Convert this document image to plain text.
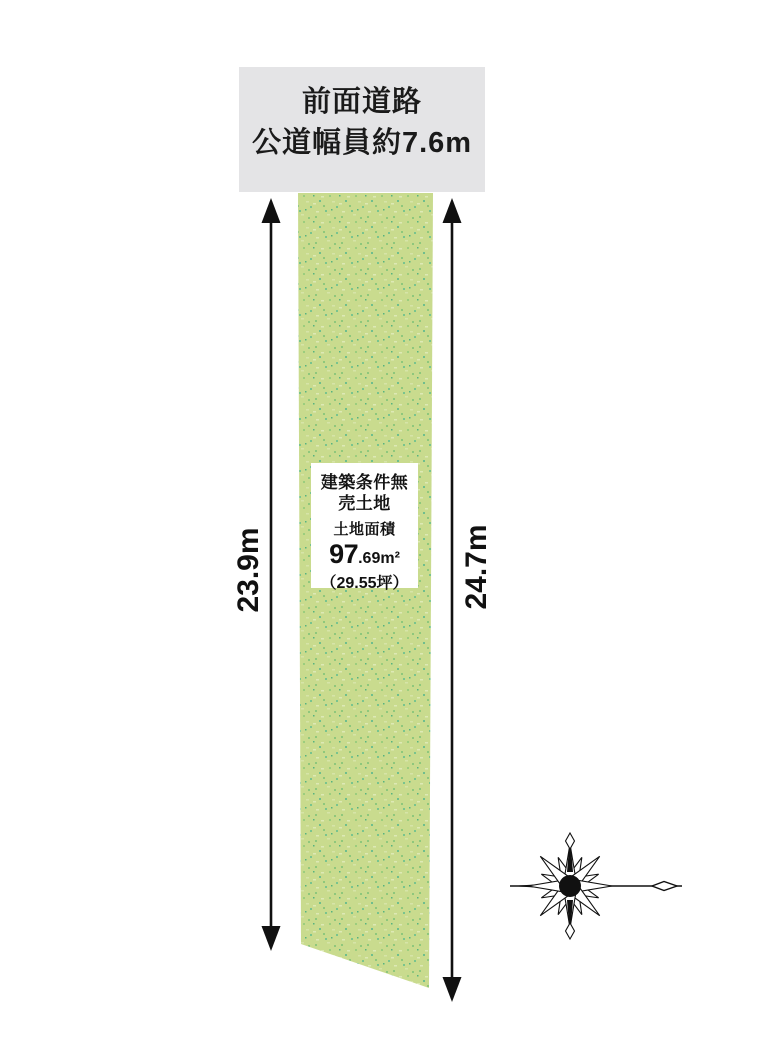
前面道路
公道幅員約7.6m
建築条件無
売土地
土地面積
97 .69 m²
（29.55坪）
23.9m	24.7m
